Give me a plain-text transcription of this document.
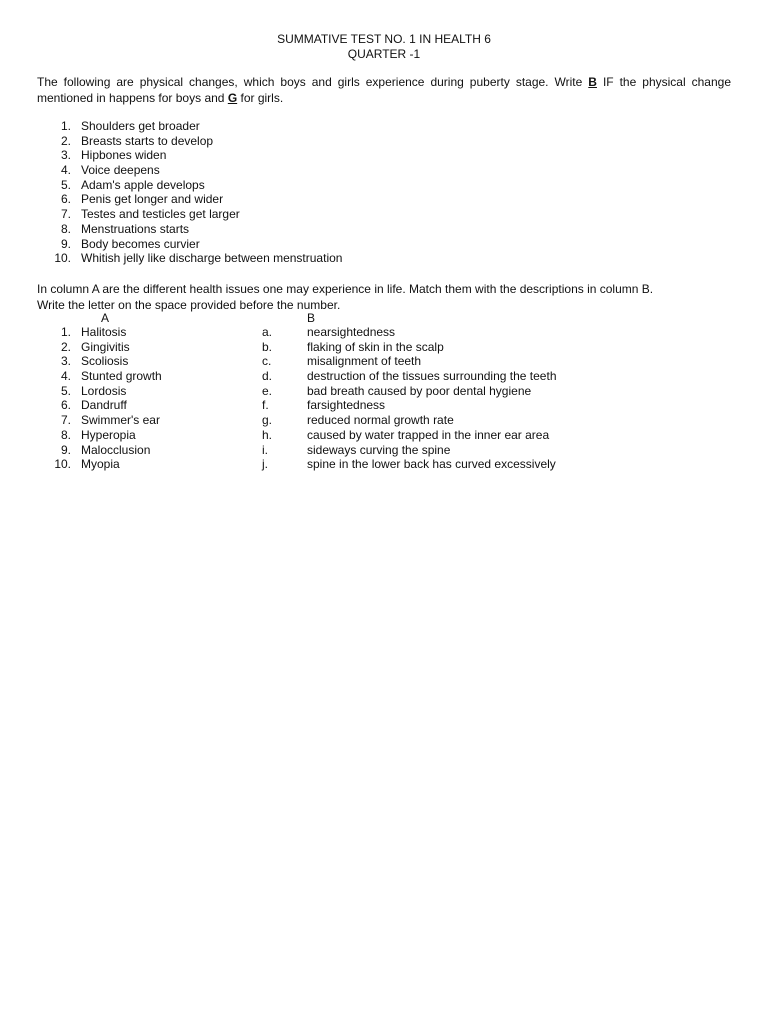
SUMMATIVE TEST NO. 1 IN HEALTH 6
QUARTER -1
The following are physical changes, which boys and girls experience during puberty stage. Write B IF the physical change mentioned in happens for boys and G for girls.
1. Shoulders get broader
2. Breasts starts to develop
3. Hipbones widen
4. Voice deepens
5. Adam's apple develops
6. Penis get longer and wider
7. Testes and testicles get larger
8. Menstruations starts
9. Body becomes curvier
10. Whitish jelly like discharge between menstruation
In column A are the different health issues one may experience in life. Match them with the descriptions in column B.
Write the letter on the space provided before the number.
A	B
1. Halitosis	a.	nearsightedness
2. Gingivitis	b.	flaking of skin in the scalp
3. Scoliosis	c.	misalignment of teeth
4. Stunted growth	d.	destruction of the tissues surrounding the teeth
5. Lordosis	e.	bad breath caused by poor dental hygiene
6. Dandruff	f.	farsightedness
7. Swimmer's ear	g.	reduced normal growth rate
8. Hyperopia	h.	caused by water trapped in the inner ear area
9. Malocclusion	i.	sideways curving the spine
10. Myopia	j.	spine in the lower back has curved excessively
